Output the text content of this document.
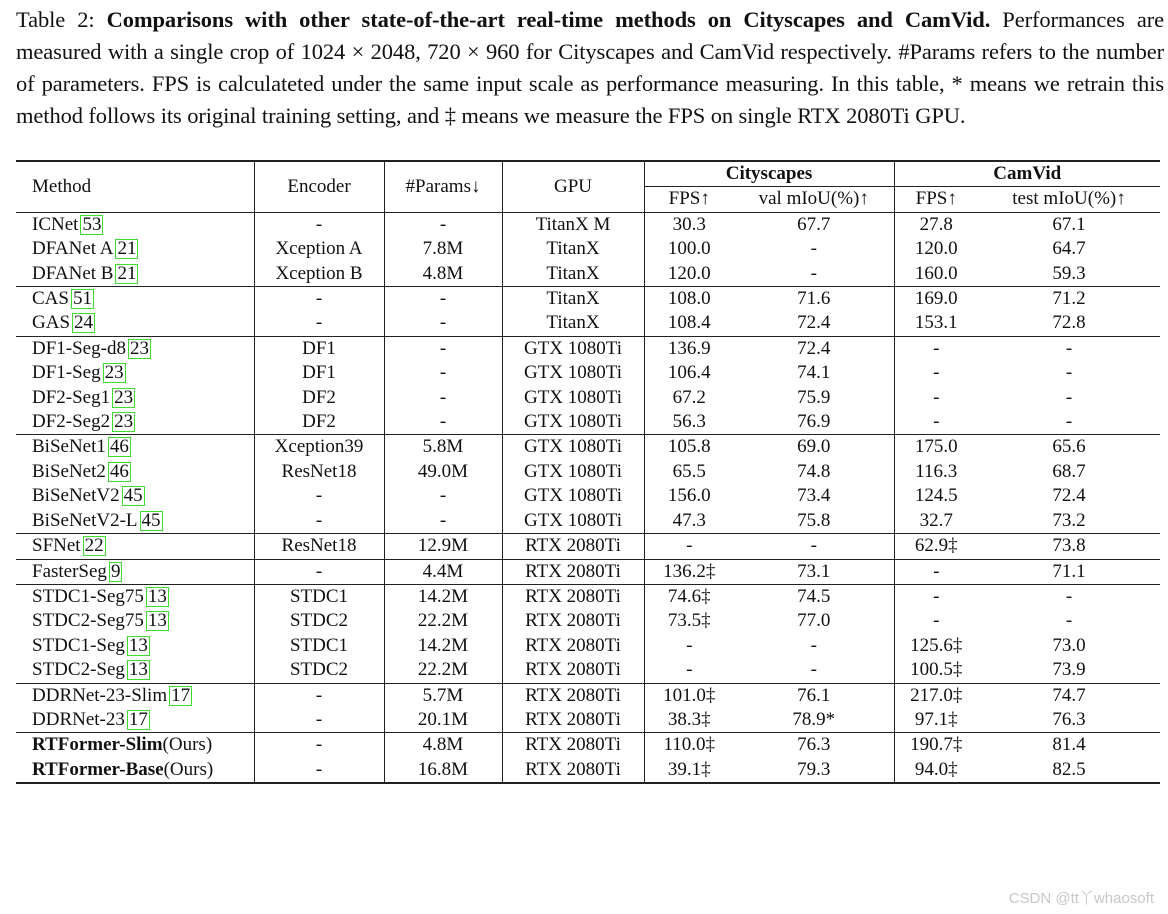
Table 2: Comparisons with other state-of-the-art real-time methods on Cityscapes and CamVid. Performances are measured with a single crop of 1024 × 2048, 720 × 960 for Cityscapes and CamVid respectively. #Params refers to the number of parameters. FPS is calculateted under the same input scale as performance measuring. In this table, * means we retrain this method follows its original training setting, and ‡ means we measure the FPS on single RTX 2080Ti GPU.
Method	Encoder	#Params↓	GPU	Cityscapes		CamVid	
				FPS↑	val mIoU(%)↑	FPS↑	test mIoU(%)↑
ICNet 53	-	-	TitanX M	30.3	67.7	27.8	67.1
DFANet A 21	Xception A	7.8M	TitanX	100.0	-	120.0	64.7
DFANet B 21	Xception B	4.8M	TitanX	120.0	-	160.0	59.3
CAS 51	-	-	TitanX	108.0	71.6	169.0	71.2
GAS 24	-	-	TitanX	108.4	72.4	153.1	72.8
DF1-Seg-d8 23	DF1	-	GTX 1080Ti	136.9	72.4	-	-
DF1-Seg 23	DF1	-	GTX 1080Ti	106.4	74.1	-	-
DF2-Seg1 23	DF2	-	GTX 1080Ti	67.2	75.9	-	-
DF2-Seg2 23	DF2	-	GTX 1080Ti	56.3	76.9	-	-
BiSeNet1 46	Xception39	5.8M	GTX 1080Ti	105.8	69.0	175.0	65.6
BiSeNet2 46	ResNet18	49.0M	GTX 1080Ti	65.5	74.8	116.3	68.7
BiSeNetV2 45	-	-	GTX 1080Ti	156.0	73.4	124.5	72.4
BiSeNetV2-L 45	-	-	GTX 1080Ti	47.3	75.8	32.7	73.2
SFNet 22	ResNet18	12.9M	RTX 2080Ti	-	-	62.9‡	73.8
FasterSeg 9	-	4.4M	RTX 2080Ti	136.2‡	73.1	-	71.1
STDC1-Seg75 13	STDC1	14.2M	RTX 2080Ti	74.6‡	74.5	-	-
STDC2-Seg75 13	STDC2	22.2M	RTX 2080Ti	73.5‡	77.0	-	-
STDC1-Seg 13	STDC1	14.2M	RTX 2080Ti	-	-	125.6‡	73.0
STDC2-Seg 13	STDC2	22.2M	RTX 2080Ti	-	-	100.5‡	73.9
DDRNet-23-Slim 17	-	5.7M	RTX 2080Ti	101.0‡	76.1	217.0‡	74.7
DDRNet-23 17	-	20.1M	RTX 2080Ti	38.3‡	78.9*	97.1‡	76.3
RTFormer-Slim(Ours)	-	4.8M	RTX 2080Ti	110.0‡	76.3	190.7‡	81.4
RTFormer-Base(Ours)	-	16.8M	RTX 2080Ti	39.1‡	79.3	94.0‡	82.5
CSDN @tt丫whaosoft
